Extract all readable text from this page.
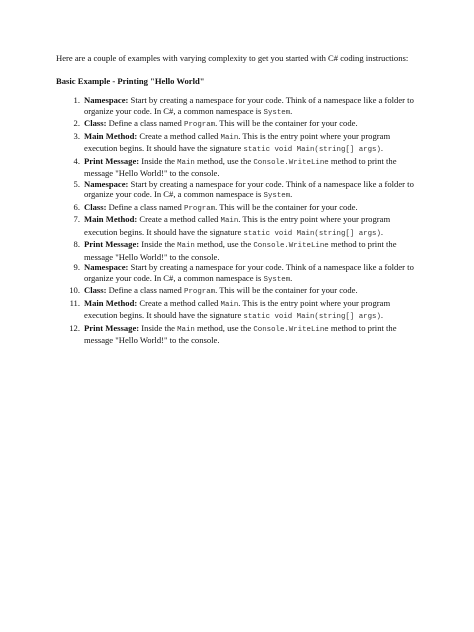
Here are a couple of examples with varying complexity to get you started with C# coding instructions:

Basic Example - Printing "Hello World"

1. Namespace: Start by creating a namespace for your code. Think of a namespace like a folder to organize your code. In C#, a common namespace is System.
2. Class: Define a class named Program. This will be the container for your code.
3. Main Method: Create a method called Main. This is the entry point where your program execution begins. It should have the signature static void Main(string[] args).
4. Print Message: Inside the Main method, use the Console.WriteLine method to print the message "Hello World!" to the console.
5. Namespace: Start by creating a namespace for your code. Think of a namespace like a folder to organize your code. In C#, a common namespace is System.
6. Class: Define a class named Program. This will be the container for your code.
7. Main Method: Create a method called Main. This is the entry point where your program execution begins. It should have the signature static void Main(string[] args).
8. Print Message: Inside the Main method, use the Console.WriteLine method to print the message "Hello World!" to the console.
9. Namespace: Start by creating a namespace for your code. Think of a namespace like a folder to organize your code. In C#, a common namespace is System.
10. Class: Define a class named Program. This will be the container for your code.
11. Main Method: Create a method called Main. This is the entry point where your program execution begins. It should have the signature static void Main(string[] args).
12. Print Message: Inside the Main method, use the Console.WriteLine method to print the message "Hello World!" to the console.
